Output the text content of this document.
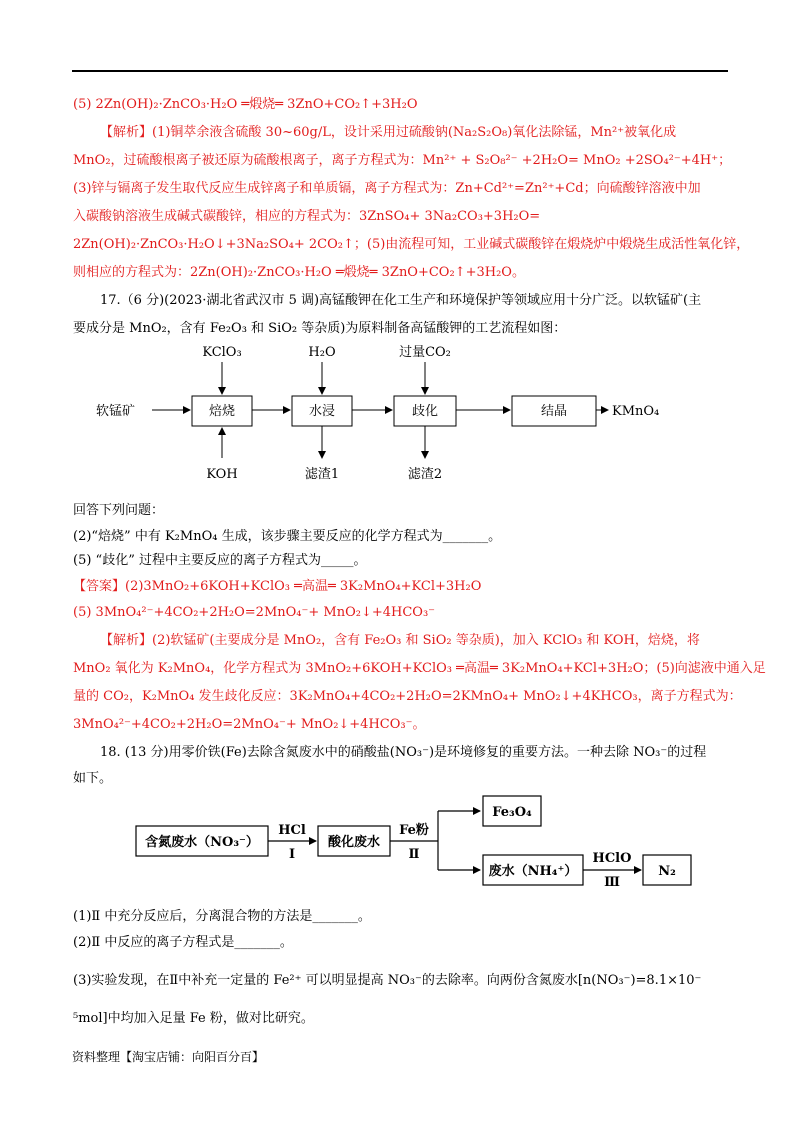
(5) 2Zn(OH)₂·ZnCO₃·H₂O ═煅烧═ 3ZnO+CO₂↑+3H₂O
【解析】(1)铜萃余液含硫酸 30~60g/L，设计采用过硫酸钠(Na₂S₂O₈)氧化法除锰，Mn²⁺被氧化成
MnO₂，过硫酸根离子被还原为硫酸根离子，离子方程式为：Mn²⁺ + S₂O₈²⁻ +2H₂O= MnO₂ +2SO₄²⁻+4H⁺；
(3)锌与镉离子发生取代反应生成锌离子和单质镉，离子方程式为：Zn+Cd²⁺=Zn²⁺+Cd；向硫酸锌溶液中加
入碳酸钠溶液生成碱式碳酸锌，相应的方程式为：3ZnSO₄+ 3Na₂CO₃+3H₂O=
2Zn(OH)₂·ZnCO₃·H₂O↓+3Na₂SO₄+ 2CO₂↑；(5)由流程可知，工业碱式碳酸锌在煅烧炉中煅烧生成活性氧化锌，
则相应的方程式为：2Zn(OH)₂·ZnCO₃·H₂O ═煅烧═ 3ZnO+CO₂↑+3H₂O。
17.（6 分)(2023·湖北省武汉市 5 调)高锰酸钾在化工生产和环境保护等领域应用十分广泛。以软锰矿(主
要成分是 MnO₂，含有 Fe₂O₃ 和 SiO₂ 等杂质)为原料制备高锰酸钾的工艺流程如图：
软锰矿	焙烧	水浸	歧化	结晶	KMnO₄
KClO₃	H₂O	过量CO₂
KOH	滤渣1	滤渣2
回答下列问题：
(2)“焙烧” 中有 K₂MnO₄ 生成，该步骤主要反应的化学方程式为_______。
(5) “歧化” 过程中主要反应的离子方程式为_____。
【答案】(2)3MnO₂+6KOH+KClO₃ ═高温═ 3K₂MnO₄+KCl+3H₂O
(5) 3MnO₄²⁻+4CO₂+2H₂O=2MnO₄⁻+ MnO₂↓+4HCO₃⁻
【解析】(2)软锰矿(主要成分是 MnO₂，含有 Fe₂O₃ 和 SiO₂ 等杂质)，加入 KClO₃ 和 KOH，焙烧，将
MnO₂ 氧化为 K₂MnO₄，化学方程式为 3MnO₂+6KOH+KClO₃ ═高温═ 3K₂MnO₄+KCl+3H₂O；(5)向滤液中通入足
量的 CO₂，K₂MnO₄ 发生歧化反应：3K₂MnO₄+4CO₂+2H₂O=2KMnO₄+ MnO₂↓+4KHCO₃，离子方程式为：
3MnO₄²⁻+4CO₂+2H₂O=2MnO₄⁻+ MnO₂↓+4HCO₃⁻。
18. (13 分)用零价铁(Fe)去除含氮废水中的硝酸盐(NO₃⁻)是环境修复的重要方法。一种去除 NO₃⁻的过程
如下。
含氮废水（NO₃⁻）
HCl
Ⅰ
酸化废水
Fe粉
Ⅱ
Fe₃O₄
废水（NH₄⁺）
HClO
Ⅲ
N₂
(1)Ⅱ 中充分反应后，分离混合物的方法是_______。
(2)Ⅱ 中反应的离子方程式是_______。
(3)实验发现，在Ⅱ中补充一定量的 Fe²⁺ 可以明显提高 NO₃⁻的去除率。向两份含氮废水[n(NO₃⁻)=8.1×10⁻
⁵mol]中均加入足量 Fe 粉，做对比研究。
资料整理【淘宝店铺：向阳百分百】
